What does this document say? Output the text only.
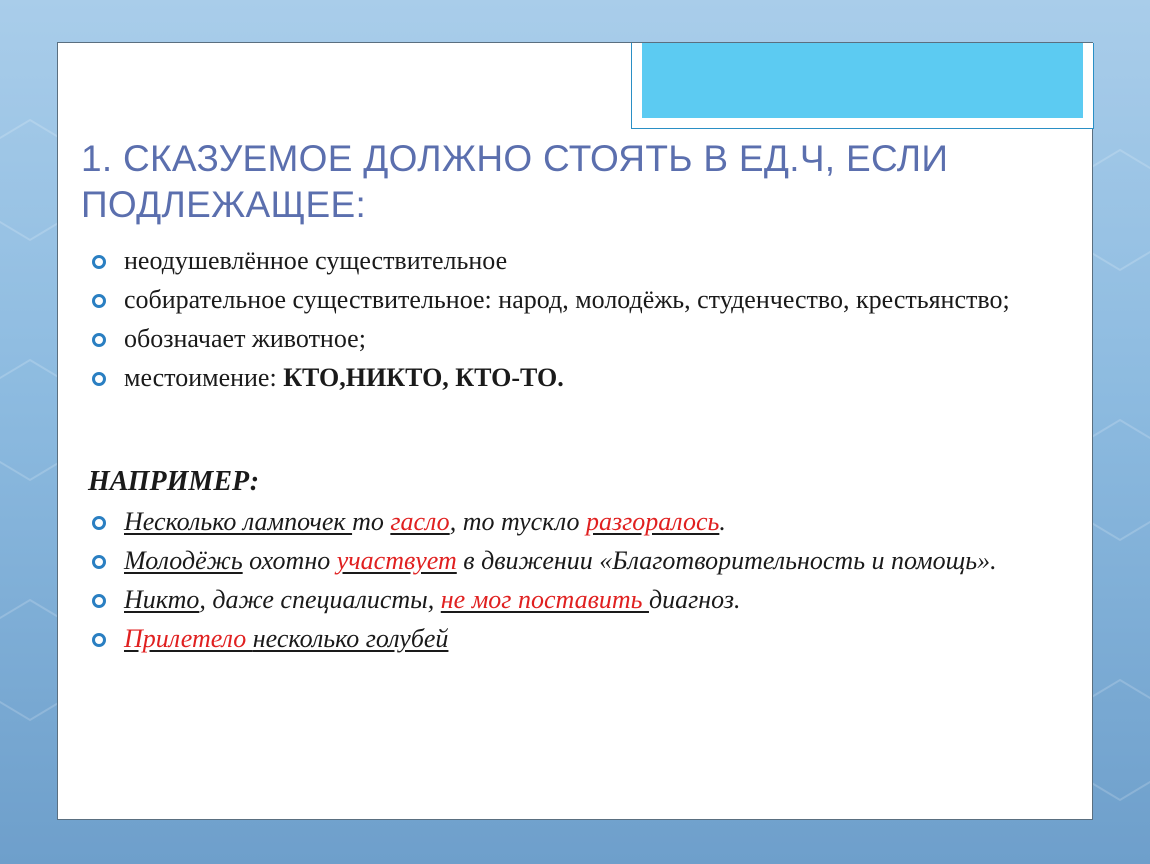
1. СКАЗУЕМОЕ ДОЛЖНО СТОЯТЬ В ЕД.Ч, ЕСЛИ ПОДЛЕЖАЩЕЕ:
неодушевлённое существительное
собирательное существительное: народ, молодёжь, студенчество, крестьянство;
обозначает животное;
местоимение: КТО,НИКТО, КТО-ТО.

НАПРИМЕР:

Несколько лампочек то гасло, то тускло разгоралось.
Молодёжь охотно участвует в движении «Благотворительность и помощь».
Никто, даже специалисты, не мог поставить диагноз.
Прилетело несколько голубей
